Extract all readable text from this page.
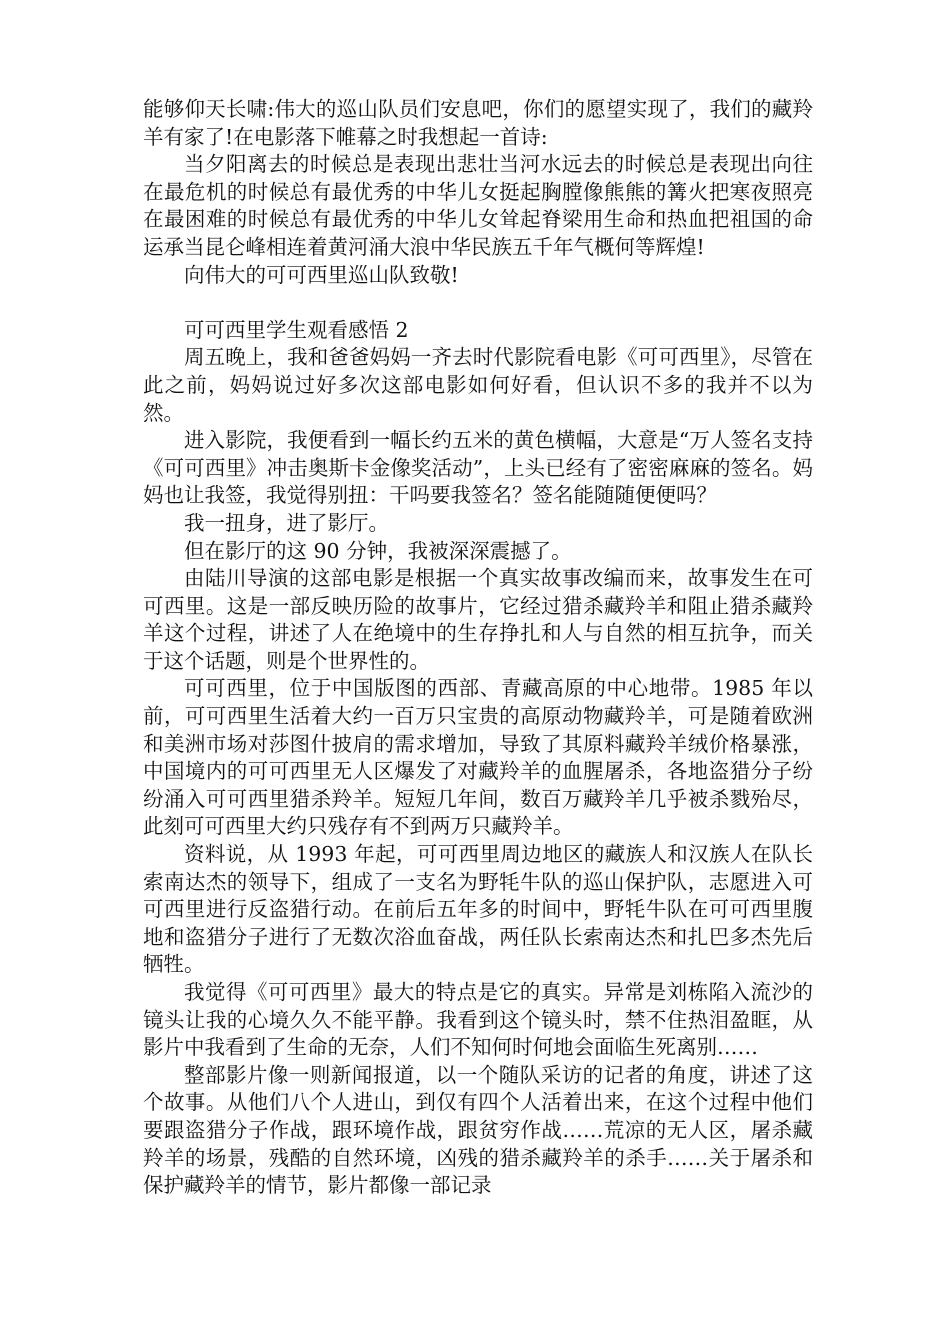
能够仰天长啸:伟大的巡山队员们安息吧，你们的愿望实现了，我们的藏羚羊有家了!在电影落下帷幕之时我想起一首诗:

当夕阳离去的时候总是表现出悲壮当河水远去的时候总是表现出向往在最危机的时候总有最优秀的中华儿女挺起胸膛像熊熊的篝火把寒夜照亮在最困难的时候总有最优秀的中华儿女耸起脊梁用生命和热血把祖国的命运承当昆仑峰相连着黄河涌大浪中华民族五千年气概何等辉煌!

向伟大的可可西里巡山队致敬!

可可西里学生观看感悟 2

周五晚上，我和爸爸妈妈一齐去时代影院看电影《可可西里》，尽管在此之前，妈妈说过好多次这部电影如何好看，但认识不多的我并不以为然。

进入影院，我便看到一幅长约五米的黄色横幅，大意是“万人签名支持《可可西里》冲击奥斯卡金像奖活动”，上头已经有了密密麻麻的签名。妈妈也让我签，我觉得别扭：干吗要我签名？签名能随随便便吗？

我一扭身，进了影厅。

但在影厅的这 90 分钟，我被深深震撼了。

由陆川导演的这部电影是根据一个真实故事改编而来，故事发生在可可西里。这是一部反映历险的故事片，它经过猎杀藏羚羊和阻止猎杀藏羚羊这个过程，讲述了人在绝境中的生存挣扎和人与自然的相互抗争，而关于这个话题，则是个世界性的。

可可西里，位于中国版图的西部、青藏高原的中心地带。1985 年以前，可可西里生活着大约一百万只宝贵的高原动物藏羚羊，可是随着欧洲和美洲市场对莎图什披肩的需求增加，导致了其原料藏羚羊绒价格暴涨，中国境内的可可西里无人区爆发了对藏羚羊的血腥屠杀，各地盗猎分子纷纷涌入可可西里猎杀羚羊。短短几年间，数百万藏羚羊几乎被杀戮殆尽，此刻可可西里大约只残存有不到两万只藏羚羊。

资料说，从 1993 年起，可可西里周边地区的藏族人和汉族人在队长索南达杰的领导下，组成了一支名为野牦牛队的巡山保护队，志愿进入可可西里进行反盗猎行动。在前后五年多的时间中，野牦牛队在可可西里腹地和盗猎分子进行了无数次浴血奋战，两任队长索南达杰和扎巴多杰先后牺牲。

我觉得《可可西里》最大的特点是它的真实。异常是刘栋陷入流沙的镜头让我的心境久久不能平静。我看到这个镜头时，禁不住热泪盈眶，从影片中我看到了生命的无奈，人们不知何时何地会面临生死离别……

整部影片像一则新闻报道，以一个随队采访的记者的角度，讲述了这个故事。从他们八个人进山，到仅有四个人活着出来，在这个过程中他们要跟盗猎分子作战，跟环境作战，跟贫穷作战……荒凉的无人区，屠杀藏羚羊的场景，残酷的自然环境，凶残的猎杀藏羚羊的杀手……关于屠杀和保护藏羚羊的情节，影片都像一部记录
